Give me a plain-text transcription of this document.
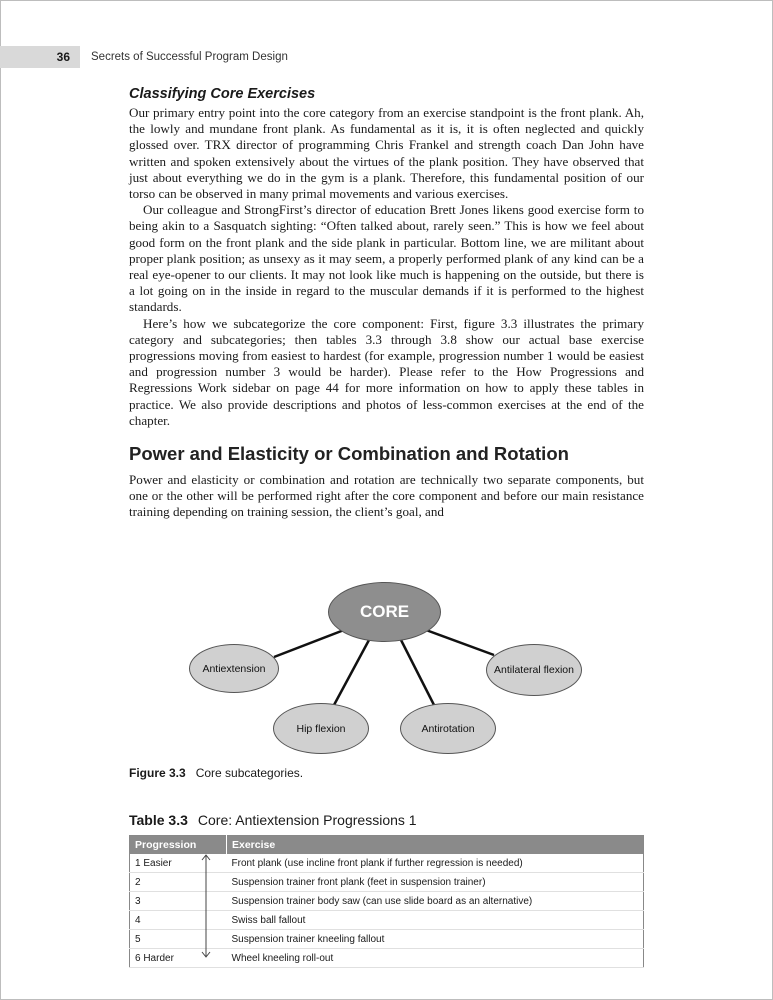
36	Secrets of Successful Program Design
Classifying Core Exercises

Our primary entry point into the core category from an exercise standpoint is the front plank. Ah, the lowly and mundane front plank. As fundamental as it is, it is often neglected and quickly glossed over. TRX director of programming Chris Frankel and strength coach Dan John have written and spoken extensively about the virtues of the plank position. They have observed that just about everything we do in the gym is a plank. Therefore, this fundamental position of our torso can be observed in many primal movements and various exercises.

Our colleague and StrongFirst’s director of education Brett Jones likens good exercise form to being akin to a Sasquatch sighting: “Often talked about, rarely seen.” This is how we feel about good form on the front plank and the side plank in particular. Bottom line, we are militant about proper plank position; as unsexy as it may seem, a properly performed plank of any kind can be a real eye-opener to our clients. It may not look like much is happening on the outside, but there is a lot going on in the inside in regard to the muscular demands if it is performed to the highest standards.

Here’s how we subcategorize the core component: First, figure 3.3 illustrates the primary category and subcategories; then tables 3.3 through 3.8 show our actual base exercise progressions moving from easiest to hardest (for example, progression number 1 would be easiest and progression number 3 would be harder). Please refer to the How Progressions and Regressions Work sidebar on page 44 for more information on how to apply these tables in practice. We also provide descriptions and photos of less-common exercises at the end of the chapter.

Power and Elasticity or Combination and Rotation

Power and elasticity or combination and rotation are technically two separate components, but one or the other will be performed right after the core component and before our main resistance training depending on training session, the client’s goal, and

CORE
Antiextension
Hip flexion	Antirotation
Antilateral flexion
Figure 3.3 Core subcategories.
Table 3.3 Core: Antiextension Progressions 1
Progression	Exercise
1 Easier	Front plank (use incline front plank if further regression is needed)
2	Suspension trainer front plank (feet in suspension trainer)
3	Suspension trainer body saw (can use slide board as an alternative)
4	Swiss ball fallout
5	Suspension trainer kneeling fallout
6 Harder	Wheel kneeling roll-out
